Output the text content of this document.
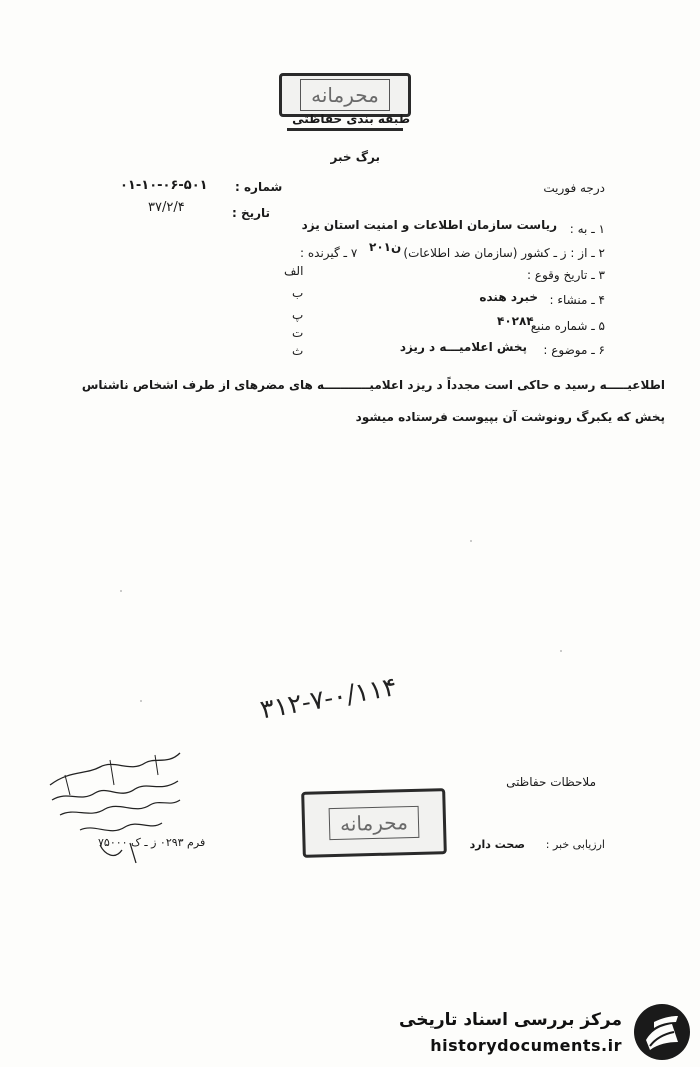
محرمانه
طبقه بندی حفاظتی
برگ خبر
درجه فوریت
شماره :
۰۱-۱۰-۰۶-۵۰۱
تاریخ :
۳۷/۲/۴
۱ ـ به :
ریاست سازمان اطلاعات و امنیت استان یزد
۲ ـ از : ز ـ کشور (سازمان ضد اطلاعات)
۲۰۱ن
۷ ـ گیرنده :
۳ ـ تاریخ وقوع :
۴ ـ منشاء :
خبرد هنده
۵ ـ شماره منبع
۴۰۲۸۴
۶ ـ موضوع :
پخش اعلامیـــه د ریزد
الف
ب
پ
ت
ث
اطلاعیـــــه رسید ه حاکی است مجدداً د ریزد اعلامیـــــــــــه های مضرهای از طرف اشخاص ناشناس
پخش که یکبرگ رونوشت آن بپیوست فرستاده میشود
۳۱۲-۷-۰/۱۱۴
ملاحظات حفاظتی
محرمانه
فرم ۰۲۹۳ ز ـ ک ۷۵۰۰۰	ارزیابی خبر :
صحت دارد
مرکز بررسی اسناد تاریخی
historydocuments.ir
